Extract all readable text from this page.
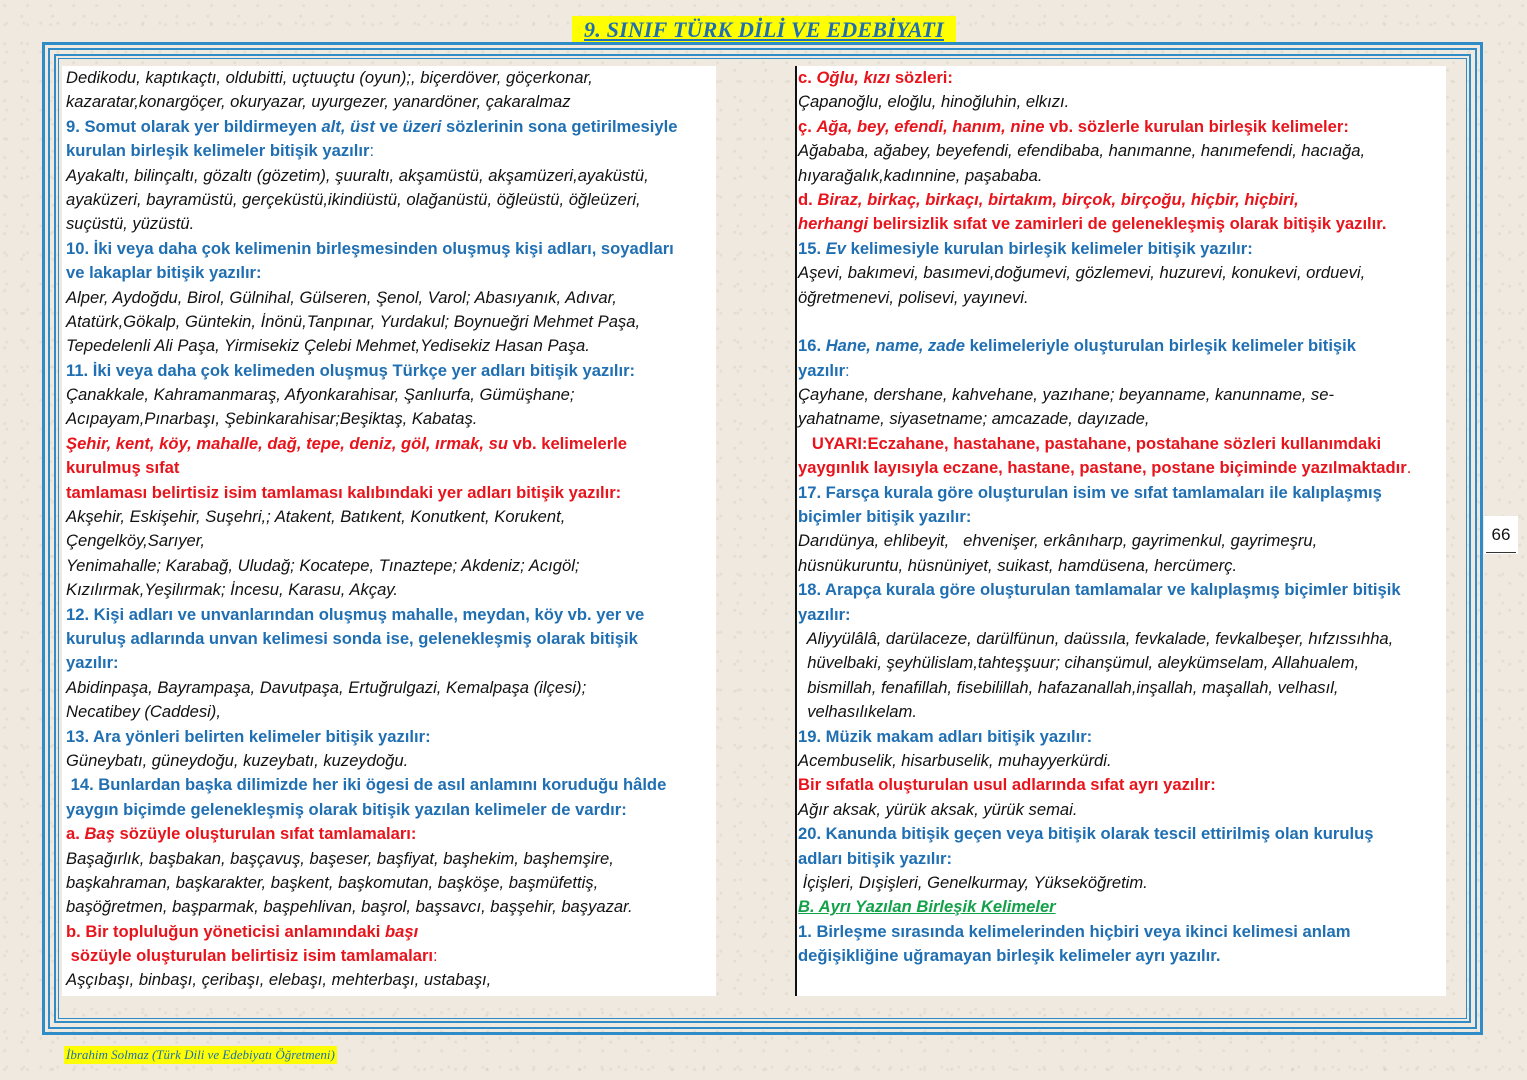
9. SINIF TÜRK DİLİ VE EDEBİYATI
Dedikodu, kaptıkaçtı, oldubitti, uçtuuçtu (oyun);, biçerdöver, göçerkonar,
kazaratar,konargöçer, okuryazar, uyurgezer, yanardöner, çakaralmaz
9. Somut olarak yer bildirmeyen alt, üst ve üzeri sözlerinin sona getirilmesiyle
kurulan birleşik kelimeler bitişik yazılır:
Ayakaltı, bilinçaltı, gözaltı (gözetim), şuuraltı, akşamüstü, akşamüzeri,ayaküstü,
ayaküzeri, bayramüstü, gerçeküstü,ikindiüstü, olağanüstü, öğleüstü, öğleüzeri,
suçüstü, yüzüstü.
10. İki veya daha çok kelimenin birleşmesinden oluşmuş kişi adları, soyadları
ve lakaplar bitişik yazılır:
Alper, Aydoğdu, Birol, Gülnihal, Gülseren, Şenol, Varol; Abasıyanık, Adıvar,
Atatürk,Gökalp, Güntekin, İnönü,Tanpınar, Yurdakul; Boynueğri Mehmet Paşa,
Tepedelenli Ali Paşa, Yirmisekiz Çelebi Mehmet,Yedisekiz Hasan Paşa.
11. İki veya daha çok kelimeden oluşmuş Türkçe yer adları bitişik yazılır:
Çanakkale, Kahramanmaraş, Afyonkarahisar, Şanlıurfa, Gümüşhane;
Acıpayam,Pınarbaşı, Şebinkarahisar;Beşiktaş, Kabataş.
Şehir, kent, köy, mahalle, dağ, tepe, deniz, göl, ırmak, su vb. kelimelerle
kurulmuş sıfat
tamlaması belirtisiz isim tamlaması kalıbındaki yer adları bitişik yazılır:
Akşehir, Eskişehir, Suşehri,; Atakent, Batıkent, Konutkent, Korukent,
Çengelköy,Sarıyer,
Yenimahalle; Karabağ, Uludağ; Kocatepe, Tınaztepe; Akdeniz; Acıgöl;
Kızılırmak,Yeşilırmak; İncesu, Karasu, Akçay.
12. Kişi adları ve unvanlarından oluşmuş mahalle, meydan, köy vb. yer ve
kuruluş adlarında unvan kelimesi sonda ise, gelenekleşmiş olarak bitişik
yazılır:
Abidinpaşa, Bayrampaşa, Davutpaşa, Ertuğrulgazi, Kemalpaşa (ilçesi);
Necatibey (Caddesi),
13. Ara yönleri belirten kelimeler bitişik yazılır:
Güneybatı, güneydoğu, kuzeybatı, kuzeydoğu.
14. Bunlardan başka dilimizde her iki ögesi de asıl anlamını koruduğu hâlde
yaygın biçimde gelenekleşmiş olarak bitişik yazılan kelimeler de vardır:
a. Baş sözüyle oluşturulan sıfat tamlamaları:
Başağırlık, başbakan, başçavuş, başeser, başfiyat, başhekim, başhemşire,
başkahraman, başkarakter, başkent, başkomutan, başköşe, başmüfettiş,
başöğretmen, başparmak, başpehlivan, başrol, başsavcı, başşehir, başyazar.
b. Bir topluluğun yöneticisi anlamındaki başı
sözüyle oluşturulan belirtisiz isim tamlamaları:
Aşçıbaşı, binbaşı, çeribaşı, elebaşı, mehterbaşı, ustabaşı,
c. Oğlu, kızı sözleri:
Çapanoğlu, eloğlu, hinoğluhin, elkızı.
ç. Ağa, bey, efendi, hanım, nine vb. sözlerle kurulan birleşik kelimeler:
Ağababa, ağabey, beyefendi, efendibaba, hanımanne, hanımefendi, hacıağa,
hıyarağalık,kadınnine, paşababa.
d. Biraz, birkaç, birkaçı, birtakım, birçok, birçoğu, hiçbir, hiçbiri,
herhangi belirsizlik sıfat ve zamirleri de gelenekleşmiş olarak bitişik yazılır.
15. Ev kelimesiyle kurulan birleşik kelimeler bitişik yazılır:
Aşevi, bakımevi, basımevi,doğumevi, gözlemevi, huzurevi, konukevi, orduevi,
öğretmenevi, polisevi, yayınevi.
16. Hane, name, zade kelimeleriyle oluşturulan birleşik kelimeler bitişik
yazılır:
Çayhane, dershane, kahvehane, yazıhane; beyanname, kanunname, se-
yahatname, siyasetname; amcazade, dayızade,
UYARI:Eczahane, hastahane, pastahane, postahane sözleri kullanımdaki
yaygınlık layısıyla eczane, hastane, pastane, postane biçiminde yazılmaktadır.
17. Farsça kurala göre oluşturulan isim ve sıfat tamlamaları ile kalıplaşmış
biçimler bitişik yazılır:
Darıdünya, ehlibeyit,   ehvenişer, erkânıharp, gayrimenkul, gayrimeşru,
hüsnükuruntu, hüsnüniyet, suikast, hamdüsena, hercümerç.
18. Arapça kurala göre oluşturulan tamlamalar ve kalıplaşmış biçimler bitişik
yazılır:
Aliyyülâlâ, darülaceze, darülfünun, daüssıla, fevkalade, fevkalbeşer, hıfzıssıhha,
hüvelbaki, şeyhülislam,tahteşşuur; cihanşümul, aleykümselam, Allahualem,
bismillah, fenafillah, fisebilillah, hafazanallah,inşallah, maşallah, velhasıl,
velhasılıkelam.
19. Müzik makam adları bitişik yazılır:
Acembuselik, hisarbuselik, muhayyerkürdi.
Bir sıfatla oluşturulan usul adlarında sıfat ayrı yazılır:
Ağır aksak, yürük aksak, yürük semai.
20. Kanunda bitişik geçen veya bitişik olarak tescil ettirilmiş olan kuruluş
adları bitişik yazılır:
İçişleri, Dışişleri, Genelkurmay, Yükseköğretim.
B. Ayrı Yazılan Birleşik Kelimeler
1. Birleşme sırasında kelimelerinden hiçbiri veya ikinci kelimesi anlam
değişikliğine uğramayan birleşik kelimeler ayrı yazılır.
66
İbrahim Solmaz (Türk Dili ve Edebiyatı Öğretmeni)
